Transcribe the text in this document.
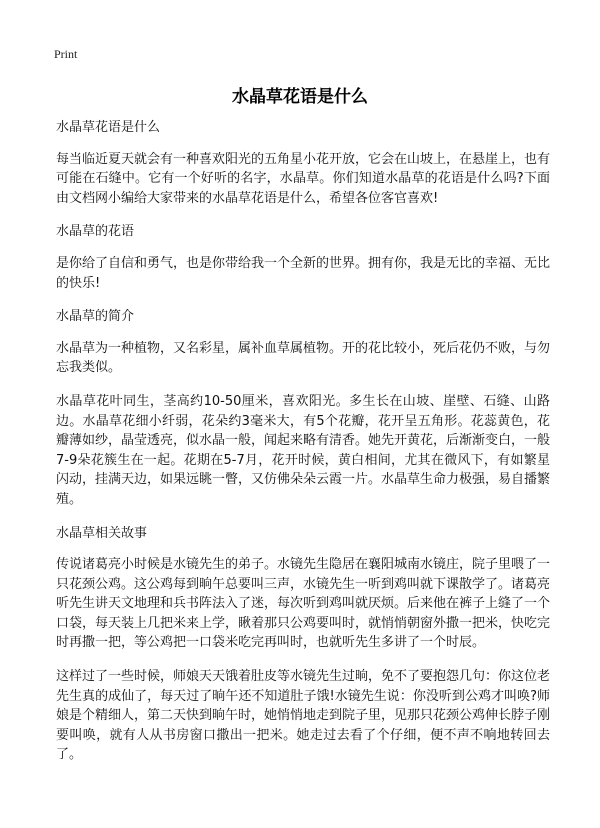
Print
水晶草花语是什么
水晶草花语是什么

每当临近夏天就会有一种喜欢阳光的五角星小花开放，它会在山坡上，在悬崖上，也有可能在石缝中。它有一个好听的名字，水晶草。你们知道水晶草的花语是什么吗?下面由文档网小编给大家带来的水晶草花语是什么，希望各位客官喜欢!

水晶草的花语

是你给了自信和勇气，也是你带给我一个全新的世界。拥有你，我是无比的幸福、无比的快乐!

水晶草的简介

水晶草为一种植物，又名彩星，属补血草属植物。开的花比较小，死后花仍不败，与勿忘我类似。

水晶草花叶同生，茎高约10-50厘米，喜欢阳光。多生长在山坡、崖壁、石缝、山路边。水晶草花细小纤弱，花朵约3毫米大，有5个花瓣，花开呈五角形。花蕊黄色，花瓣薄如纱，晶莹透亮，似水晶一般，闻起来略有清香。她先开黄花，后渐渐变白，一般7-9朵花簇生在一起。花期在5-7月，花开时候，黄白相间，尤其在微风下，有如繁星闪动，挂满天边，如果远眺一瞥，又仿佛朵朵云霞一片。水晶草生命力极强，易自播繁殖。

水晶草相关故事

传说诸葛亮小时候是水镜先生的弟子。水镜先生隐居在襄阳城南水镜庄，院子里喂了一只花颈公鸡。这公鸡每到晌午总要叫三声，水镜先生一听到鸡叫就下课散学了。诸葛亮听先生讲天文地理和兵书阵法入了迷，每次听到鸡叫就厌烦。后来他在裤子上缝了一个口袋，每天装上几把米来上学，瞅着那只公鸡要叫时，就悄悄朝窗外撒一把米，快吃完时再撒一把，等公鸡把一口袋米吃完再叫时，也就听先生多讲了一个时辰。

这样过了一些时候，师娘天天饿着肚皮等水镜先生过晌，免不了要抱怨几句：你这位老先生真的成仙了，每天过了晌午还不知道肚子饿!水镜先生说：你没听到公鸡才叫唤?师娘是个精细人，第二天快到晌午时，她悄悄地走到院子里，见那只花颈公鸡伸长脖子刚要叫唤，就有人从书房窗口撒出一把米。她走过去看了个仔细，便不声不响地转回去了。
